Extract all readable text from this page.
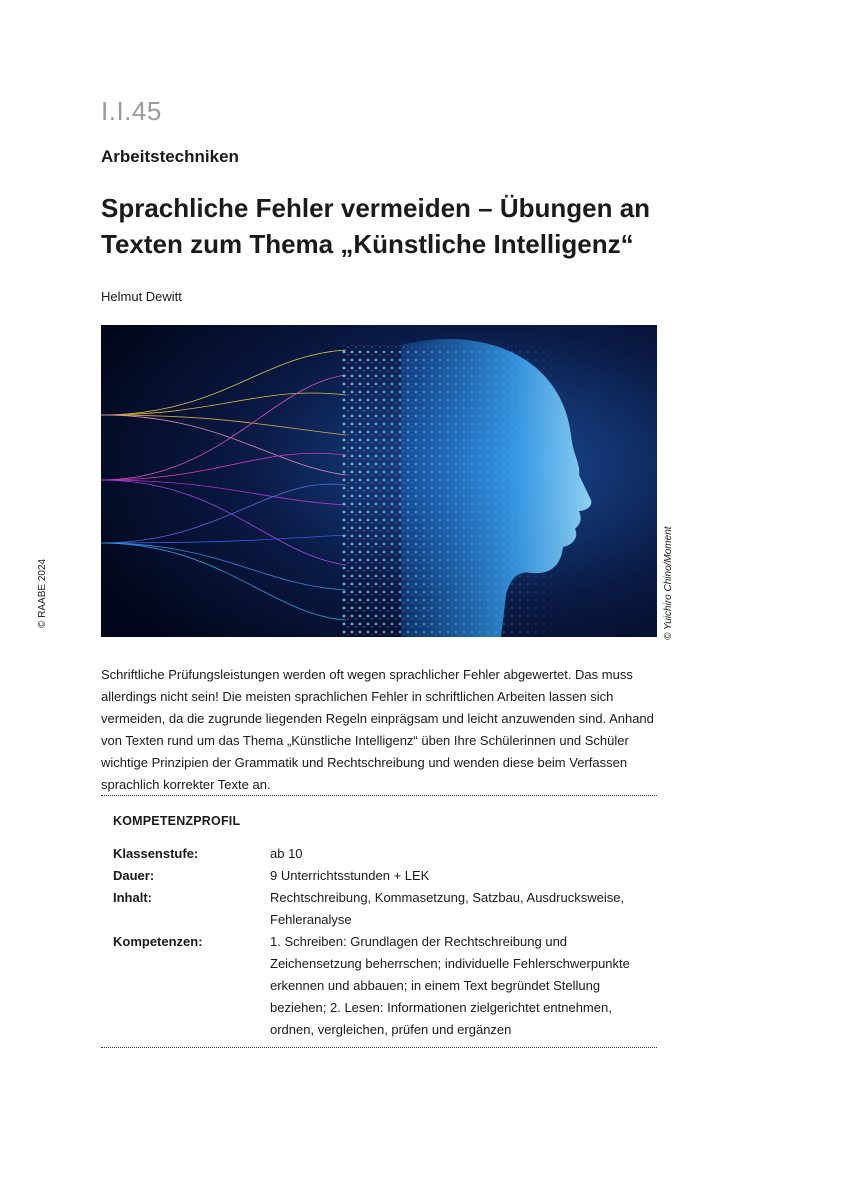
I.I.45
Arbeitstechniken
Sprachliche Fehler vermeiden – Übungen an
Texten zum Thema „Künstliche Intelligenz“
Helmut Dewitt
© Yuichiro Chino/Moment
© RAABE 2024

Schriftliche Prüfungsleistungen werden oft wegen sprachlicher Fehler abgewertet. Das muss allerdings nicht sein! Die meisten sprachlichen Fehler in schriftlichen Arbeiten lassen sich vermeiden, da die zugrunde liegenden Regeln einprägsam und leicht anzuwenden sind. Anhand von Texten rund um das Thema „Künstliche Intelligenz“ üben Ihre Schülerinnen und Schüler wichtige Prinzipien der Grammatik und Rechtschreibung und wenden diese beim Verfassen sprachlich korrekter Texte an.

KOMPETENZPROFIL
Klassenstufe:	ab 10
Dauer:	9 Unterrichtsstunden + LEK
Inhalt:	Rechtschreibung, Kommasetzung, Satzbau, Ausdrucksweise, Fehleranalyse
Kompetenzen:	1. Schreiben: Grundlagen der Rechtschreibung und Zeichensetzung beherrschen; individuelle Fehlerschwerpunkte erkennen und abbauen; in einem Text begründet Stellung beziehen; 2. Lesen: Informationen zielgerichtet entnehmen, ordnen, vergleichen, prüfen und ergänzen
